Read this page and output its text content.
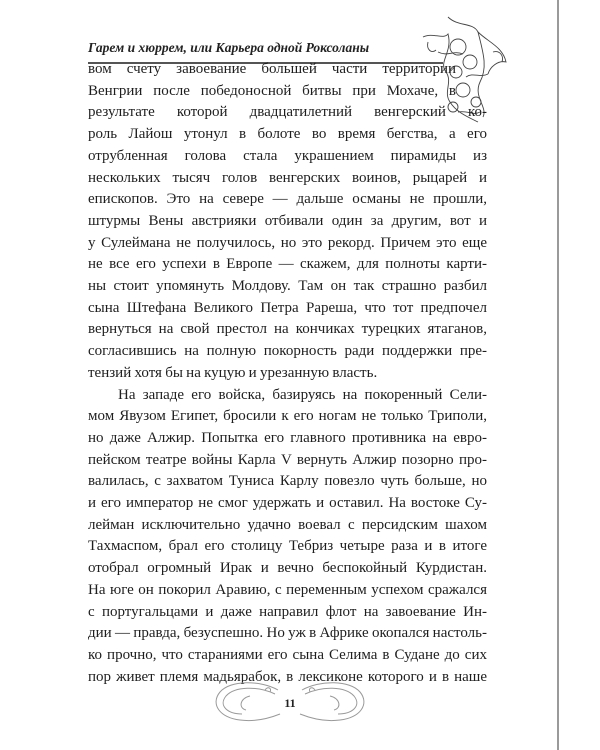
Гарем и хюррем, или Карьера одной Роксоланы
вом счету завоевание большей части территории
Венгрии после победоносной битвы при Мохаче, в
результате которой двадцатилетний венгерский ко-
роль Лайош утонул в болоте во время бегства, а его
отрубленная голова стала украшением пирамиды из
нескольких тысяч голов венгерских воинов, рыцарей и
епископов. Это на севере — дальше османы не прошли,
штурмы Вены австрияки отбивали один за другим, вот и
у Сулеймана не получилось, но это рекорд. Причем это еще
не все его успехи в Европе — скажем, для полноты карти-
ны стоит упомянуть Молдову. Там он так страшно разбил
сына Штефана Великого Петра Рареша, что тот предпочел
вернуться на свой престол на кончиках турецких ятаганов,
согласившись на полную покорность ради поддержки пре-
тензий хотя бы на куцую и урезанную власть.
На западе его войска, базируясь на покоренный Сели-
мом Явузом Египет, бросили к его ногам не только Триполи,
но даже Алжир. Попытка его главного противника на евро-
пейском театре войны Карла V вернуть Алжир позорно про-
валилась, с захватом Туниса Карлу повезло чуть больше, но
и его император не смог удержать и оставил. На востоке Су-
лейман исключительно удачно воевал с персидским шахом
Тахмаспом, брал его столицу Тебриз четыре раза и в итоге
отобрал огромный Ирак и вечно беспокойный Курдистан.
На юге он покорил Аравию, с переменным успехом сражался
с португальцами и даже направил флот на завоевание Ин-
дии — правда, безуспешно. Но уж в Африке окопался настоль-
ко прочно, что стараниями его сына Селима в Судане до сих
пор живет племя мадьярабок, в лексиконе которого и в наше
11
